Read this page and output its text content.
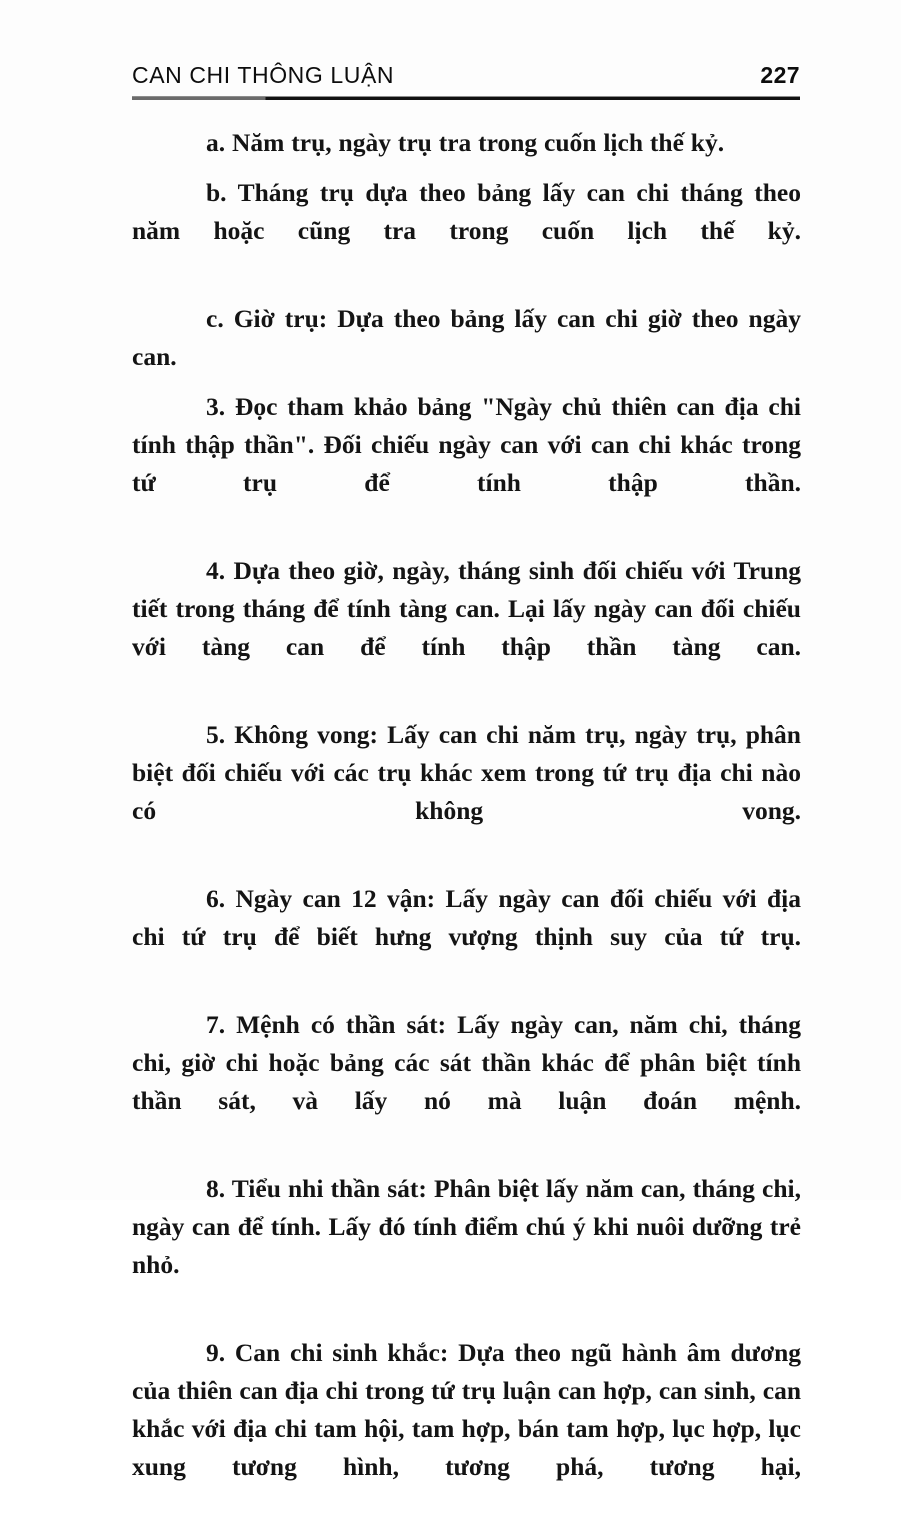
CAN CHI THÔNG LUẬN	227

a. Năm trụ, ngày trụ tra trong cuốn lịch thế kỷ.

b. Tháng trụ dựa theo bảng lấy can chi tháng theo năm hoặc cũng tra trong cuốn lịch thế kỷ.

c. Giờ trụ: Dựa theo bảng lấy can chi giờ theo ngày can.

3. Đọc tham khảo bảng "Ngày chủ thiên can địa chi tính thập thần". Đối chiếu ngày can với can chi khác trong tứ trụ để tính thập thần.

4. Dựa theo giờ, ngày, tháng sinh đối chiếu với Trung tiết trong tháng để tính tàng can. Lại lấy ngày can đối chiếu với tàng can để tính thập thần tàng can.

5. Không vong: Lấy can chi năm trụ, ngày trụ, phân biệt đối chiếu với các trụ khác xem trong tứ trụ địa chi nào có không vong.

6. Ngày can 12 vận: Lấy ngày can đối chiếu với địa chi tứ trụ để biết hưng vượng thịnh suy của tứ trụ.

7. Mệnh có thần sát: Lấy ngày can, năm chi, tháng chi, giờ chi hoặc bảng các sát thần khác để phân biệt tính thần sát, và lấy nó mà luận đoán mệnh.

8. Tiểu nhi thần sát: Phân biệt lấy năm can, tháng chi, ngày can để tính. Lấy đó tính điểm chú ý khi nuôi dưỡng trẻ nhỏ.

9. Can chi sinh khắc: Dựa theo ngũ hành âm dương của thiên can địa chi trong tứ trụ luận can hợp, can sinh, can khắc với địa chi tam hội, tam hợp, bán tam hợp, lục hợp, lục xung tương hình, tương phá, tương hại,
